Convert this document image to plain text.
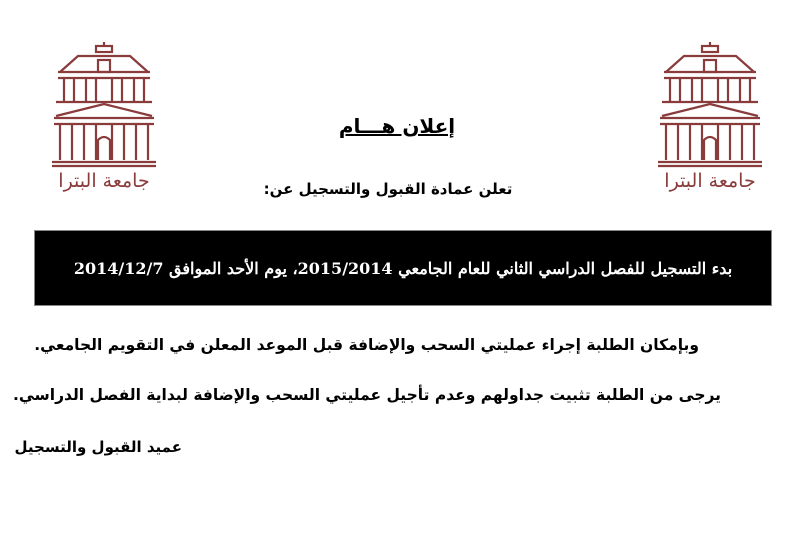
جامعة البترا	جامعة البترا
إعلان هـــام
تعلن عمادة القبول والتسجيل عن:
بدء التسجيل للفصل الدراسي الثاني للعام الجامعي 2015/2014، يوم الأحد الموافق 2014/12/7
وبإمكان الطلبة إجراء عمليتي السحب والإضافة قبل الموعد المعلن في التقويم الجامعي.
يرجى من الطلبة تثبيت جداولهم وعدم تأجيل عمليتي السحب والإضافة لبداية الفصل الدراسي.
عميد القبول والتسجيل
